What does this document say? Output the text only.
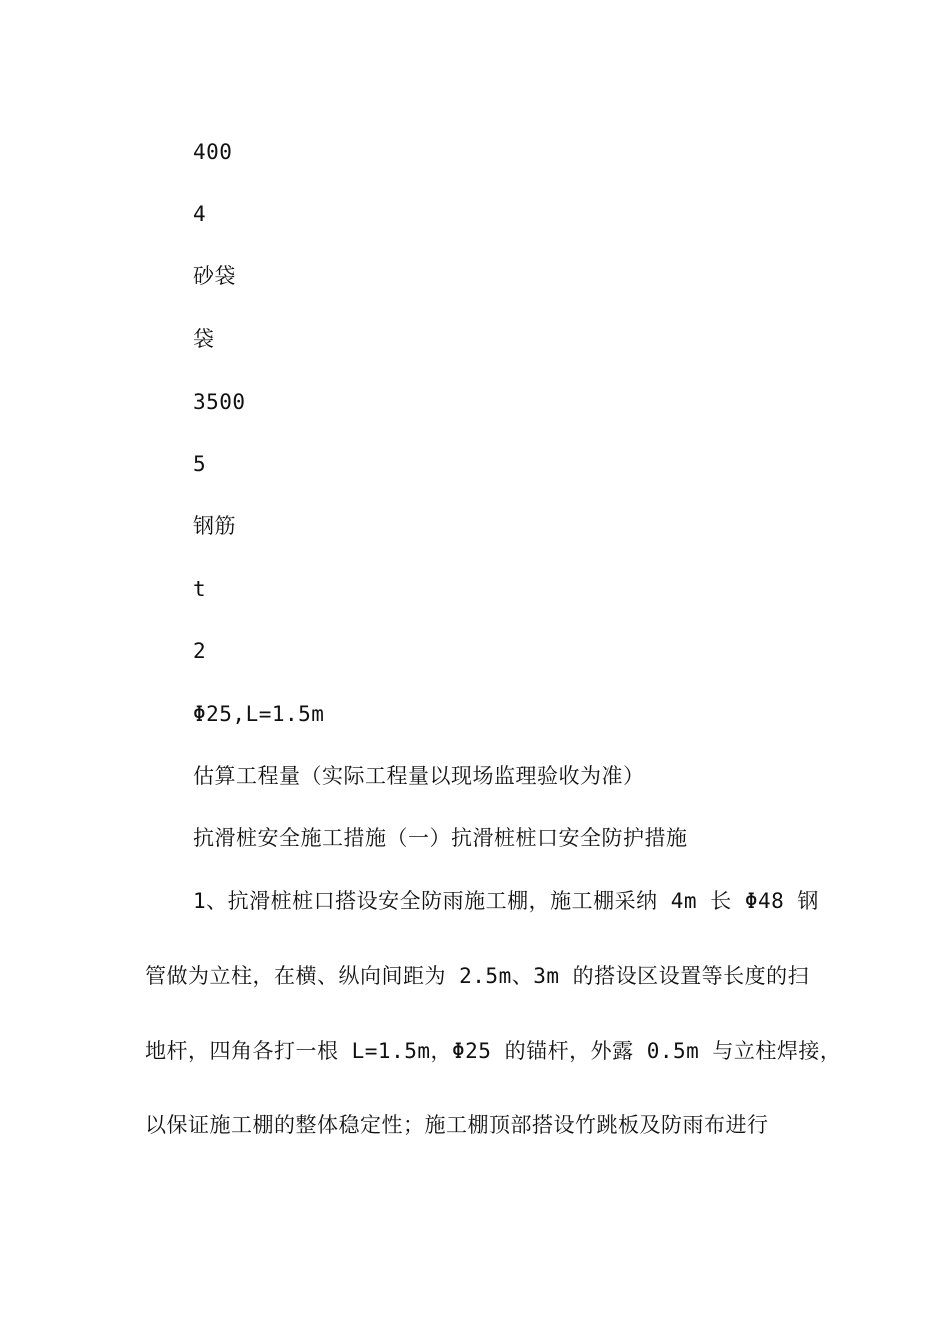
400
4
砂袋
袋
3500
5
钢筋
t
2
Φ25,L=1.5m
估算工程量（实际工程量以现场监理验收为准）
抗滑桩安全施工措施（一）抗滑桩桩口安全防护措施
1、抗滑桩桩口搭设安全防雨施工棚，施工棚采纳 4m 长 Φ48 钢
管做为立柱，在横、纵向间距为 2.5m、3m 的搭设区设置等长度的扫
地杆，四角各打一根 L=1.5m，Φ25 的锚杆，外露 0.5m 与立柱焊接，
以保证施工棚的整体稳定性；施工棚顶部搭设竹跳板及防雨布进行
